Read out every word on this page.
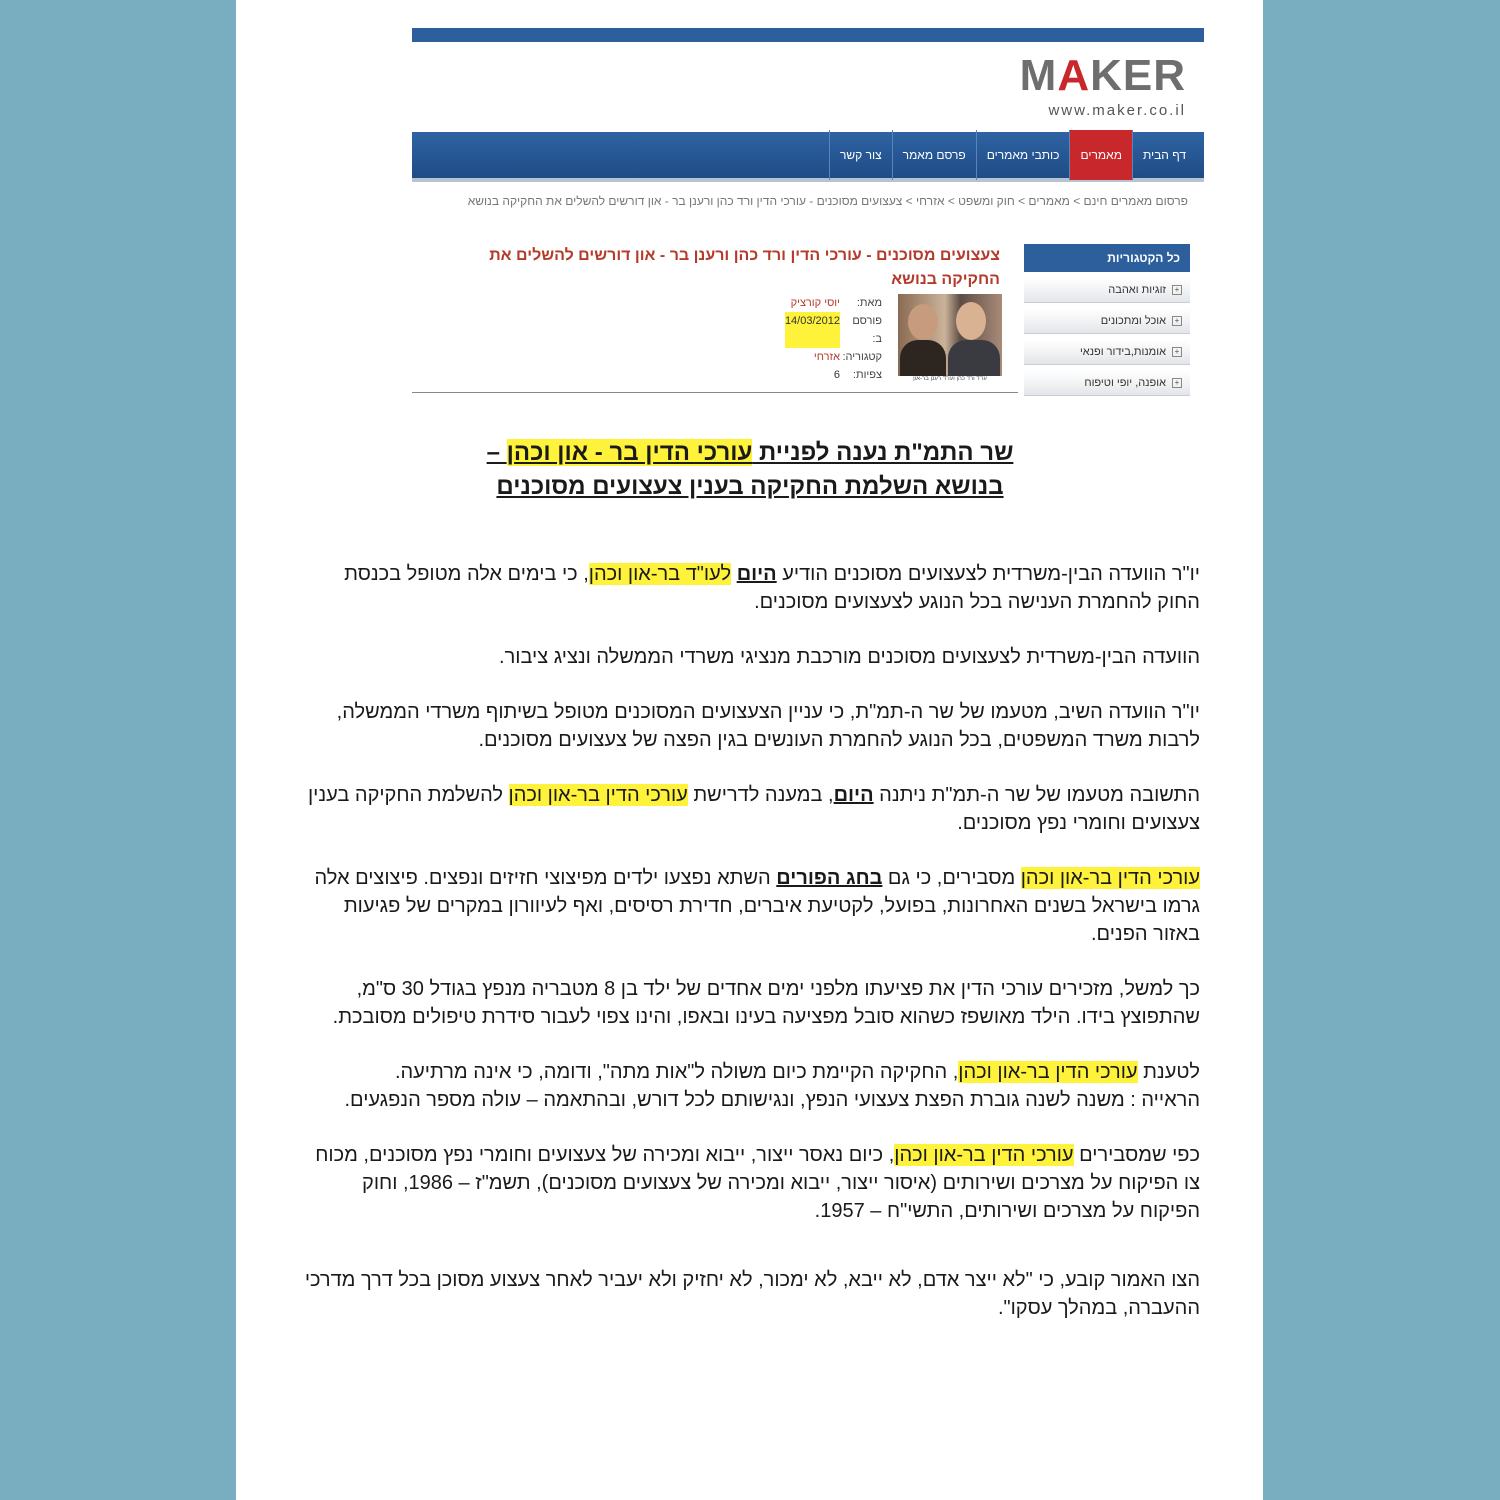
MAKER
www.maker.co.il
דף הבית
מאמרים
כותבי מאמרים
פרסם מאמר
צור קשר
פרסום מאמרים חינם > מאמרים > חוק ומשפט > אזרחי > צעצועים מסוכנים - עורכי הדין ורד כהן ורענן בר - און דורשים להשלים את החקיקה בנושא
כל הקטגוריות
+
זוגיות ואהבה
+
אוכל ומתכונים
+
אומנות,בידור ופנאי
+
אופנה, יופי וטיפוח
צעצועים מסוכנים - עורכי הדין ורד כהן ורענן בר - און דורשים להשלים את החקיקה בנושא
עו"ד ורד כהן ועו"ד רענן בר-און
מאת:
יוסי קורציק
פורסם ב:
14/03/2012
קטגוריה:
אזרחי
צפיות:
6
שר התמ"ת נענה לפניית עורכי הדין בר - און וכהן –
בנושא השלמת החקיקה בענין צעצועים מסוכנים

יו"ר הוועדה הבין-משרדית לצעצועים מסוכנים הודיע היום לעו"ד בר-און וכהן, כי בימים אלה מטופל בכנסת החוק להחמרת הענישה בכל הנוגע לצעצועים מסוכנים.

הוועדה הבין-משרדית לצעצועים מסוכנים מורכבת מנציגי משרדי הממשלה ונציג ציבור.

יו"ר הוועדה השיב, מטעמו של שר ה-תמ"ת, כי עניין הצעצועים המסוכנים מטופל בשיתוף משרדי הממשלה, לרבות משרד המשפטים, בכל הנוגע להחמרת העונשים בגין הפצה של צעצועים מסוכנים.

התשובה מטעמו של שר ה-תמ"ת ניתנה היום, במענה לדרישת עורכי הדין בר-און וכהן להשלמת החקיקה בענין צעצועים וחומרי נפץ מסוכנים.

עורכי הדין בר-און וכהן מסבירים, כי גם בחג הפורים השתא נפצעו ילדים מפיצוצי חזיזים ונפצים. פיצוצים אלה גרמו בישראל בשנים האחרונות, בפועל, לקטיעת איברים, חדירת רסיסים, ואף לעיוורון במקרים של פגיעות באזור הפנים.

כך למשל, מזכירים עורכי הדין את פציעתו מלפני ימים אחדים של ילד בן 8 מטבריה מנפץ בגודל 30 ס"מ, שהתפוצץ בידו. הילד מאושפז כשהוא סובל מפציעה בעינו ובאפו, והינו צפוי לעבור סידרת טיפולים מסובכת.

לטענת עורכי הדין בר-און וכהן, החקיקה הקיימת כיום משולה ל"אות מתה", ודומה, כי אינה מרתיעה.
הראייה : משנה לשנה גוברת הפצת צעצועי הנפץ, ונגישותם לכל דורש, ובהתאמה – עולה מספר הנפגעים.

כפי שמסבירים עורכי הדין בר-און וכהן, כיום נאסר ייצור, ייבוא ומכירה של צעצועים וחומרי נפץ מסוכנים, מכוח צו הפיקוח על מצרכים ושירותים (איסור ייצור, ייבוא ומכירה של צעצועים מסוכנים), תשמ"ז – 1986, וחוק הפיקוח על מצרכים ושירותים, התשי"ח – 1957.

הצו האמור קובע, כי "לא ייצר אדם, לא ייבא, לא ימכור, לא יחזיק ולא יעביר לאחר צעצוע מסוכן בכל דרך מדרכי ההעברה, במהלך עסקו".
